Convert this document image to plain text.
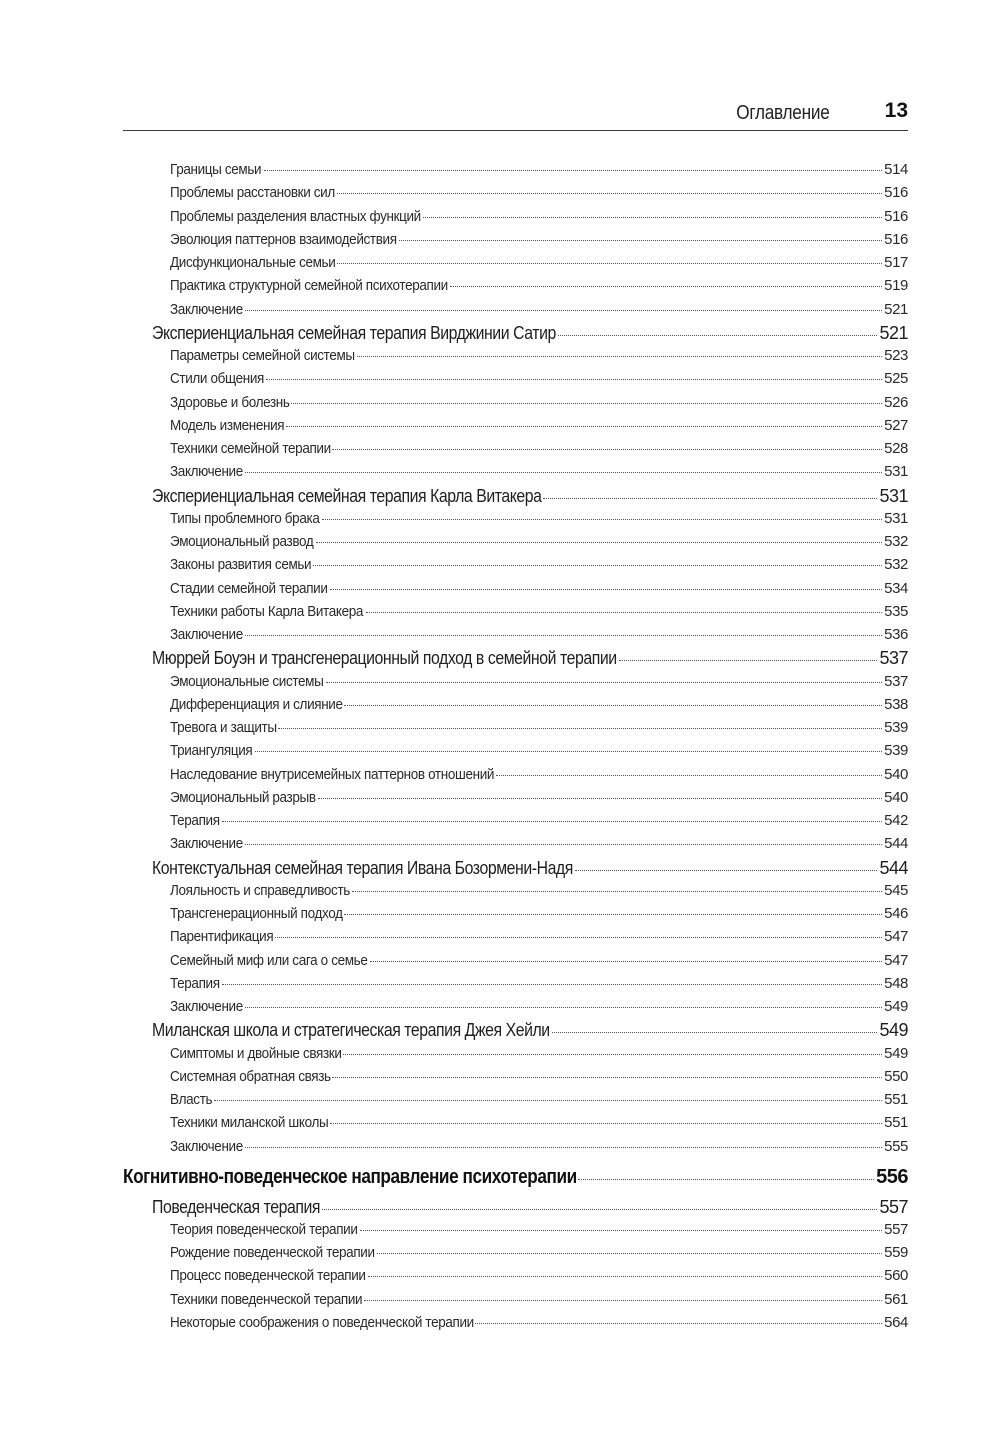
Оглавление	13
Границы семьи	514
Проблемы расстановки сил	516
Проблемы разделения властных функций	516
Эволюция паттернов взаимодействия	516
Дисфункциональные семьи	517
Практика структурной семейной психотерапии	519
Заключение	521
Экспериенциальная семейная терапия Вирджинии Сатир	521
Параметры семейной системы	523
Стили общения	525
Здоровье и болезнь	526
Модель изменения	527
Техники семейной терапии	528
Заключение	531
Экспериенциальная семейная терапия Карла Витакера	531
Типы проблемного брака	531
Эмоциональный развод	532
Законы развития семьи	532
Стадии семейной терапии	534
Техники работы Карла Витакера	535
Заключение	536
Мюррей Боуэн и трансгенерационный подход в семейной терапии	537
Эмоциональные системы	537
Дифференциация и слияние	538
Тревога и защиты	539
Триангуляция	539
Наследование внутрисемейных паттернов отношений	540
Эмоциональный разрыв	540
Терапия	542
Заключение	544
Контекстуальная семейная терапия Ивана Бозормени-Надя	544
Лояльность и справедливость	545
Трансгенерационный подход	546
Парентификация	547
Семейный миф или сага о семье	547
Терапия	548
Заключение	549
Миланская школа и стратегическая терапия Джея Хейли	549
Симптомы и двойные связки	549
Системная обратная связь	550
Власть	551
Техники миланской школы	551
Заключение	555
Когнитивно-поведенческое направление психотерапии	556
Поведенческая терапия	557
Теория поведенческой терапии	557
Рождение поведенческой терапии	559
Процесс поведенческой терапии	560
Техники поведенческой терапии	561
Некоторые соображения о поведенческой терапии	564
